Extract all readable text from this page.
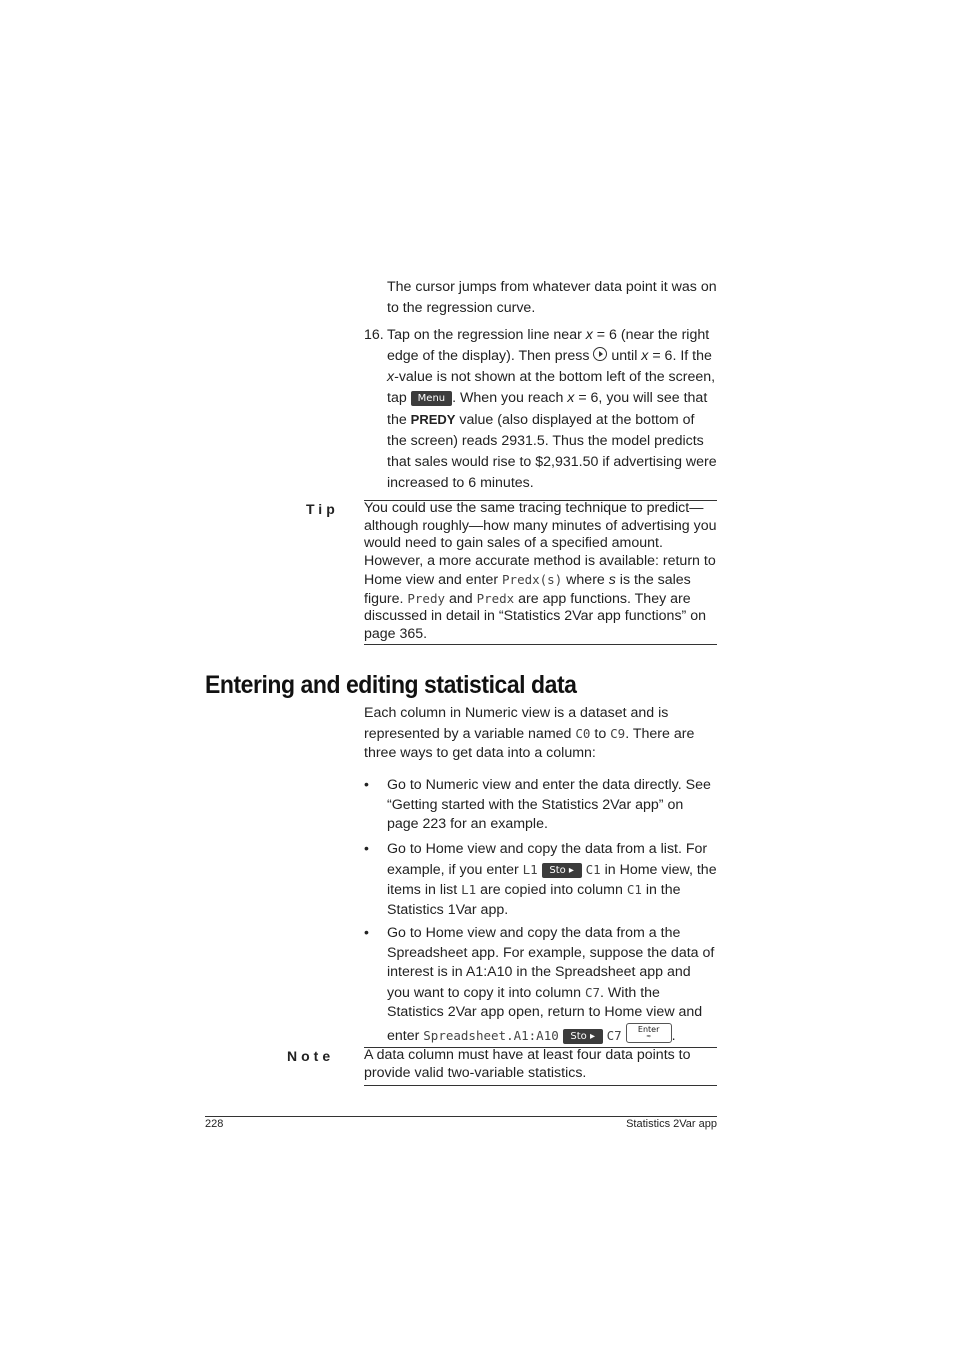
The cursor jumps from whatever data point it was on to the regression curve.

16. Tap on the regression line near x = 6 (near the right edge of the display). Then press  until x = 6. If the x-value is not shown at the bottom left of the screen, tap Menu . When you reach x = 6, you will see that the PREDY value (also displayed at the bottom of the screen) reads 2931.5. Thus the model predicts that sales would rise to $2,931.50 if advertising were increased to 6 minutes.

Tip You could use the same tracing technique to predict—although roughly—how many minutes of advertising you would need to gain sales of a specified amount. However, a more accurate method is available: return to Home view and enter Predx(s) where s is the sales figure. Predy and Predx are app functions. They are discussed in detail in “Statistics 2Var app functions” on page 365.

Entering and editing statistical data

Each column in Numeric view is a dataset and is represented by a variable named C0 to C9. There are three ways to get data into a column:

• Go to Numeric view and enter the data directly. See “Getting started with the Statistics 2Var app” on page 223 for an example.

• Go to Home view and copy the data from a list. For example, if you enter L1 Sto ▸ C1 in Home view, the items in list L1 are copied into column C1 in the Statistics 1Var app.

• Go to Home view and copy the data from a the Spreadsheet app. For example, suppose the data of interest is in A1:A10 in the Spreadsheet app and you want to copy it into column C7. With the Statistics 2Var app open, return to Home view and enter Spreadsheet.A1:A10 Sto ▸ C7 Enter
≈	.

Note A data column must have at least four data points to provide valid two-variable statistics.

228	Statistics 2Var app
